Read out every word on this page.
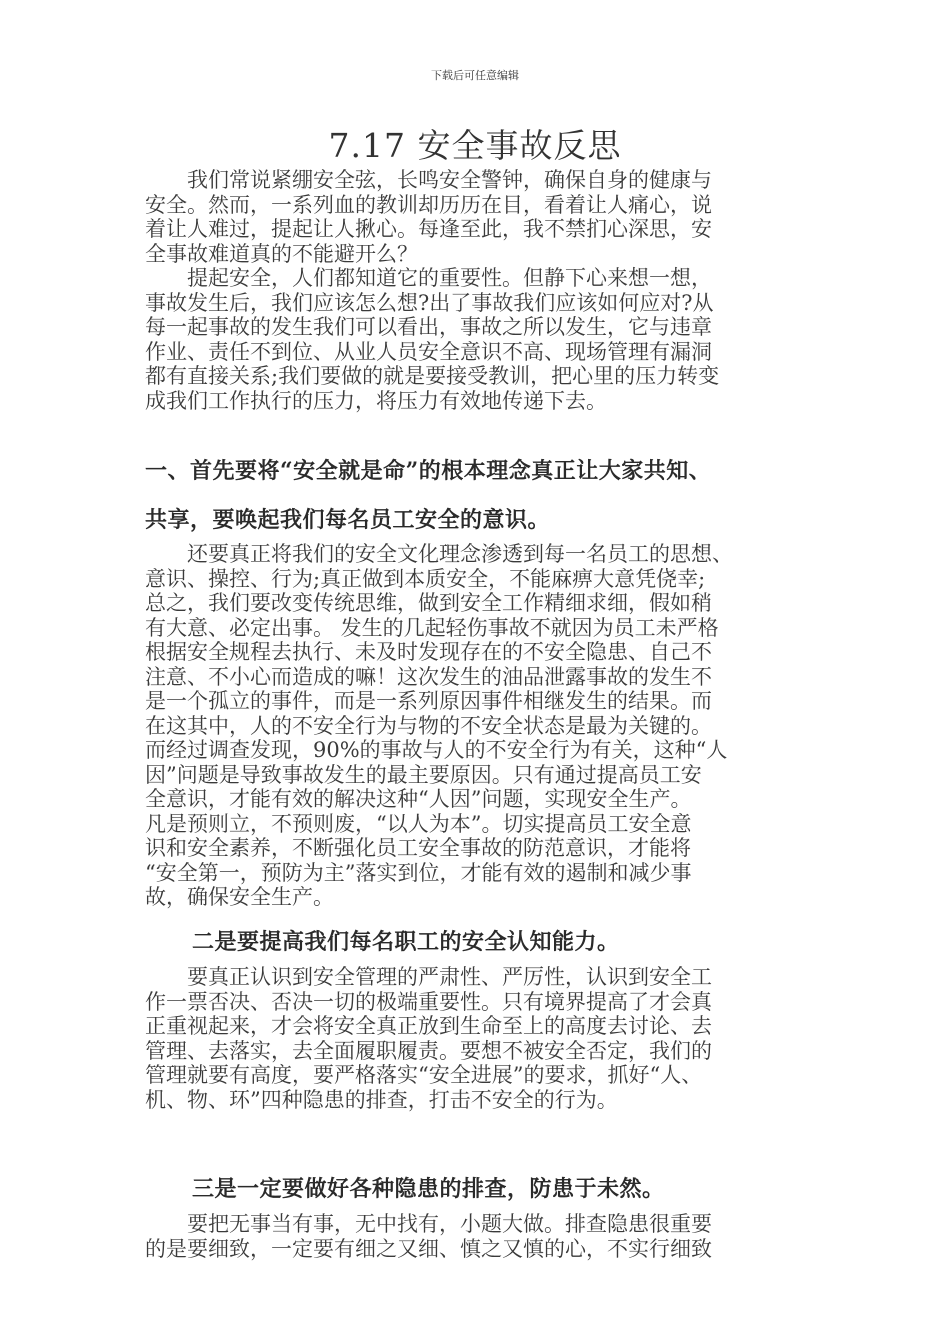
下载后可任意编辑
7.17 安全事故反思
　　我们常说紧绷安全弦，长鸣安全警钟，确保自身的健康与
安全。然而，一系列血的教训却历历在目，看着让人痛心，说
着让人难过，提起让人揪心。每逢至此，我不禁扪心深思，安
全事故难道真的不能避开么？
　　提起安全，人们都知道它的重要性。但静下心来想一想，
事故发生后，我们应该怎么想?出了事故我们应该如何应对?从
每一起事故的发生我们可以看出，事故之所以发生，它与违章
作业、责任不到位、从业人员安全意识不高、现场管理有漏洞
都有直接关系;我们要做的就是要接受教训，把心里的压力转变
成我们工作执行的压力，将压力有效地传递下去。
一、首先要将“安全就是命”的根本理念真正让大家共知、
共享，要唤起我们每名员工安全的意识。
　　还要真正将我们的安全文化理念渗透到每一名员工的思想、
意识、操控、行为;真正做到本质安全，不能麻痹大意凭侥幸;
总之，我们要改变传统思维，做到安全工作精细求细，假如稍
有大意、必定出事。 发生的几起轻伤事故不就因为员工未严格
根据安全规程去执行、未及时发现存在的不安全隐患、自己不
注意、不小心而造成的嘛！这次发生的油品泄露事故的发生不
是一个孤立的事件，而是一系列原因事件相继发生的结果。而
在这其中，人的不安全行为与物的不安全状态是最为关键的。
而经过调查发现，90%的事故与人的不安全行为有关，这种“人
因”问题是导致事故发生的最主要原因。只有通过提高员工安
全意识，才能有效的解决这种“人因”问题，实现安全生产。
凡是预则立，不预则废，“以人为本”。切实提高员工安全意
识和安全素养，不断强化员工安全事故的防范意识，才能将
“安全第一，预防为主”落实到位，才能有效的遏制和减少事
故，确保安全生产。
二是要提高我们每名职工的安全认知能力。
　　要真正认识到安全管理的严肃性、严厉性，认识到安全工
作一票否决、否决一切的极端重要性。只有境界提高了才会真
正重视起来，才会将安全真正放到生命至上的高度去讨论、去
管理、去落实，去全面履职履责。要想不被安全否定，我们的
管理就要有高度，要严格落实“安全进展”的要求，抓好“人、
机、物、环”四种隐患的排查，打击不安全的行为。
三是一定要做好各种隐患的排查，防患于未然。
　　要把无事当有事，无中找有，小题大做。排查隐患很重要
的是要细致，一定要有细之又细、慎之又慎的心，不实行细致
